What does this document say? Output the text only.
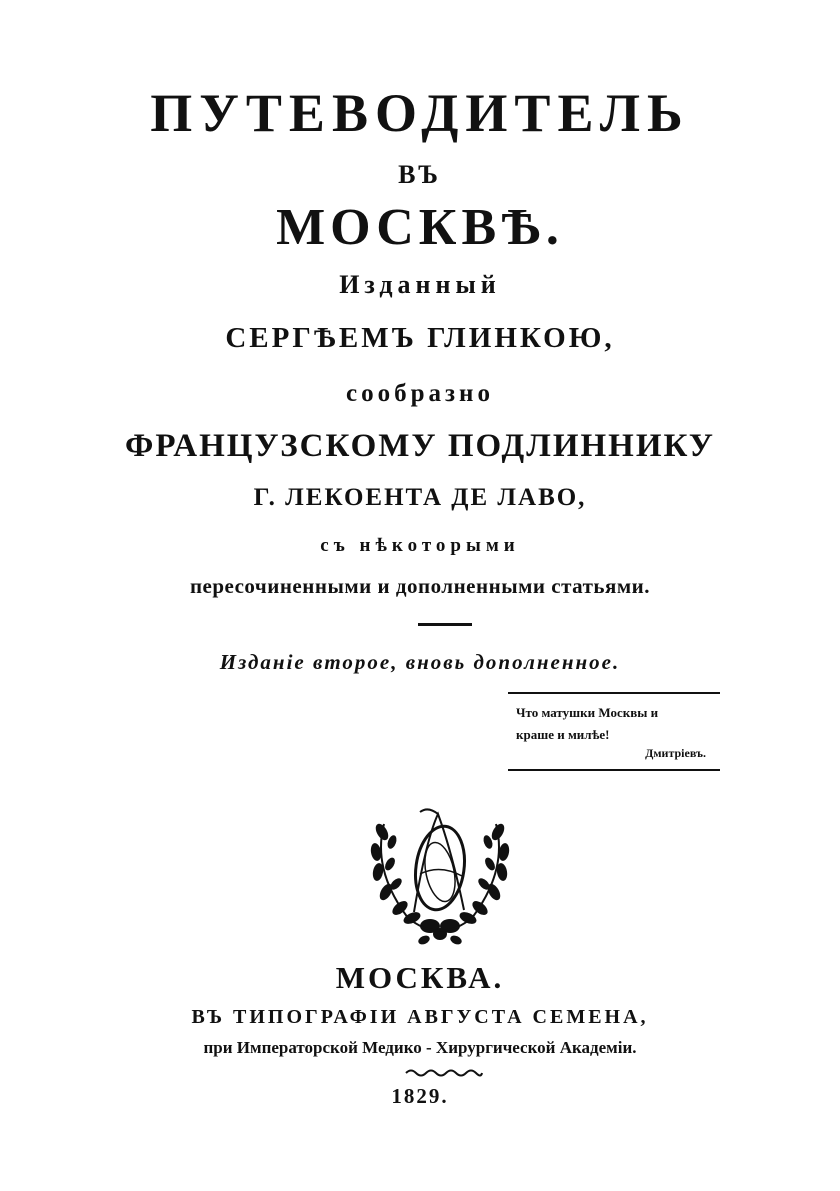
ПУТЕВОДИТЕЛЬ
ВЪ
МОСКВѢ.
Изданный
СЕРГѢЕМЪ ГЛИНКОЮ,
сообразно
ФРАНЦУЗСКОМУ ПОДЛИННИКУ
Г. ЛЕКОЕНТА ДЕ ЛАВО,
съ нѣкоторыми
пересочиненными и дополненными статьями.
Изданіе второе, вновь дополненное.
Что матушки Москвы и
краше и милѣе!
Дмитріевъ.
МОСКВА.
ВЪ ТИПОГРАФІИ АВГУСТА СЕМЕНА,
при Императорской Медико - Хирургической Академіи.
1829.
